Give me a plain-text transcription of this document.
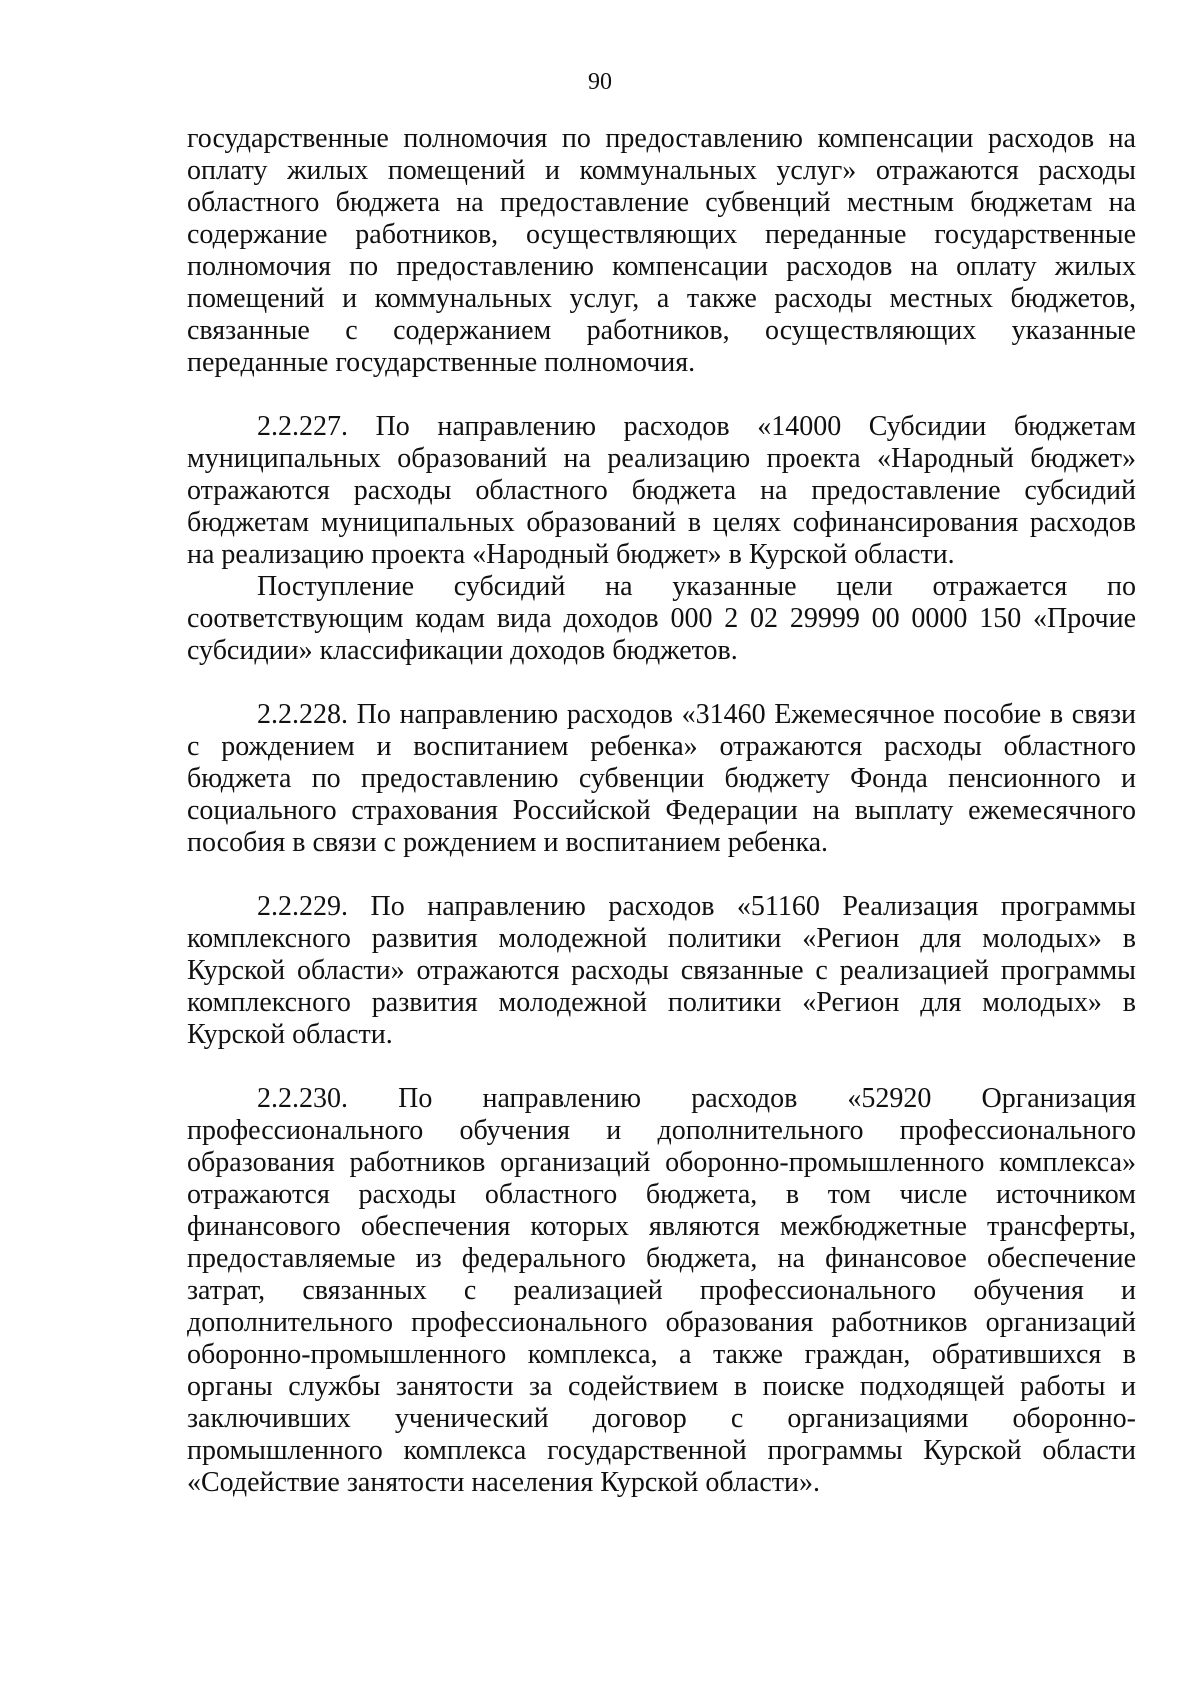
90

государственные полномочия по предоставлению компенсации расходов на оплату жилых помещений и коммунальных услуг» отражаются расходы областного бюджета на предоставление субвенций местным бюджетам на содержание работников, осуществляющих переданные государственные полномочия по предоставлению компенсации расходов на оплату жилых помещений и коммунальных услуг, а также расходы местных бюджетов, связанные с содержанием работников, осуществляющих указанные переданные государственные полномочия.

2.2.227. По направлению расходов «14000 Субсидии бюджетам муниципальных образований на реализацию проекта «Народный бюджет» отражаются расходы областного бюджета на предоставление субсидий бюджетам муниципальных образований в целях софинансирования расходов на реализацию проекта «Народный бюджет» в Курской области.

Поступление субсидий на указанные цели отражается по соответствующим кодам вида доходов 000 2 02 29999 00 0000 150 «Прочие субсидии» классификации доходов бюджетов.

2.2.228. По направлению расходов «31460 Ежемесячное пособие в связи с рождением и воспитанием ребенка» отражаются расходы областного бюджета по предоставлению субвенции бюджету Фонда пенсионного и социального страхования Российской Федерации на выплату ежемесячного пособия в связи с рождением и воспитанием ребенка.

2.2.229. По направлению расходов «51160 Реализация программы комплексного развития молодежной политики «Регион для молодых» в Курской области» отражаются расходы связанные с реализацией программы комплексного развития молодежной политики «Регион для молодых» в Курской области.

2.2.230. По направлению расходов «52920 Организация профессионального обучения и дополнительного профессионального образования работников организаций оборонно-промышленного комплекса» отражаются расходы областного бюджета, в том числе источником финансового обеспечения которых являются межбюджетные трансферты, предоставляемые из федерального бюджета, на финансовое обеспечение затрат, связанных с реализацией профессионального обучения и дополнительного профессионального образования работников организаций оборонно-промышленного комплекса, а также граждан, обратившихся в органы службы занятости за содействием в поиске подходящей работы и заключивших ученический договор с организациями оборонно-промышленного комплекса государственной программы Курской области «Содействие занятости населения Курской области».
